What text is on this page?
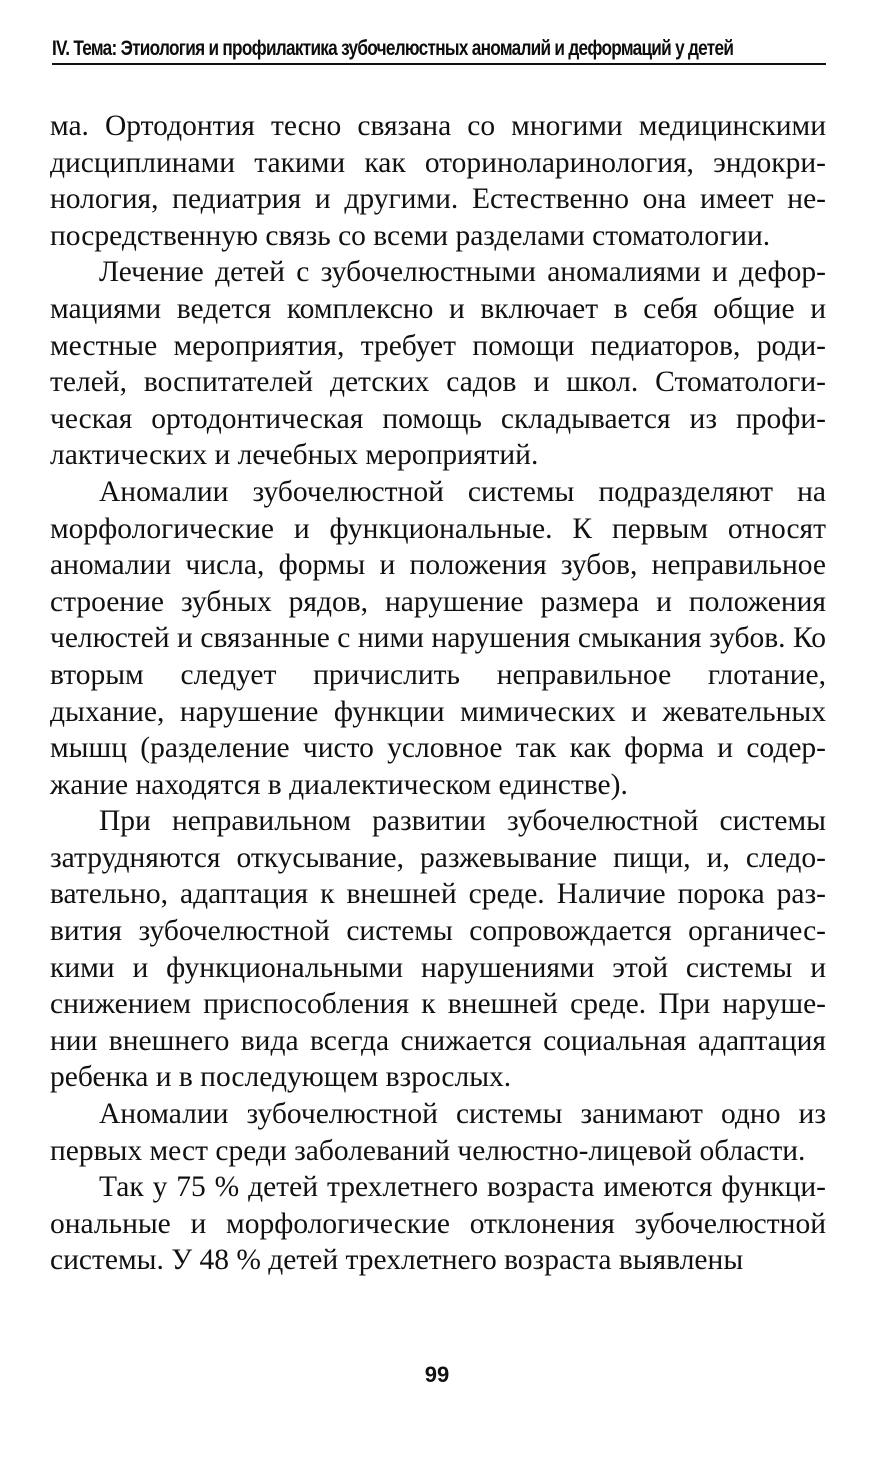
IV. Тема: Этиология и профилактика зубочелюстных аномалий и деформаций у детей

ма. Ортодонтия тесно связана со многими медицинскими дисциплинами такими как оториноларинология, эндокринология, педиатрия и другими. Естественно она имеет непосредственную связь со всеми разделами стоматологии.

Лечение детей с зубочелюстными аномалиями и деформациями ведется комплексно и включает в себя общие и местные мероприятия, требует помощи педиаторов, родителей, воспитателей детских садов и школ. Стоматологическая ортодонтическая помощь складывается из профилактических и лечебных мероприятий.

Аномалии зубочелюстной системы подразделяют на морфологические и функциональные. К первым относят аномалии числа, формы и положения зубов, неправильное строение зубных рядов, нарушение размера и положения челюстей и связанные с ними нарушения смыкания зубов. Ко вторым следует причислить неправильное глотание, дыхание, нарушение функции мимических и жевательных мышц (разделение чисто условное так как форма и содержание находятся в диалектическом единстве).

При неправильном развитии зубочелюстной системы затрудняются откусывание, разжевывание пищи, и, следовательно, адаптация к внешней среде. Наличие порока развития зубочелюстной системы сопровождается органическими и функциональными нарушениями этой системы и снижением приспособления к внешней среде. При нарушении внешнего вида всегда снижается социальная адаптация ребенка и в последующем взрослых.

Аномалии зубочелюстной системы занимают одно из первых мест среди заболеваний челюстно-лицевой области.

Так у 75 % детей трехлетнего возраста имеются функциональные и морфологические отклонения зубочелюстной системы. У 48 % детей трехлетнего возраста выявлены

99
